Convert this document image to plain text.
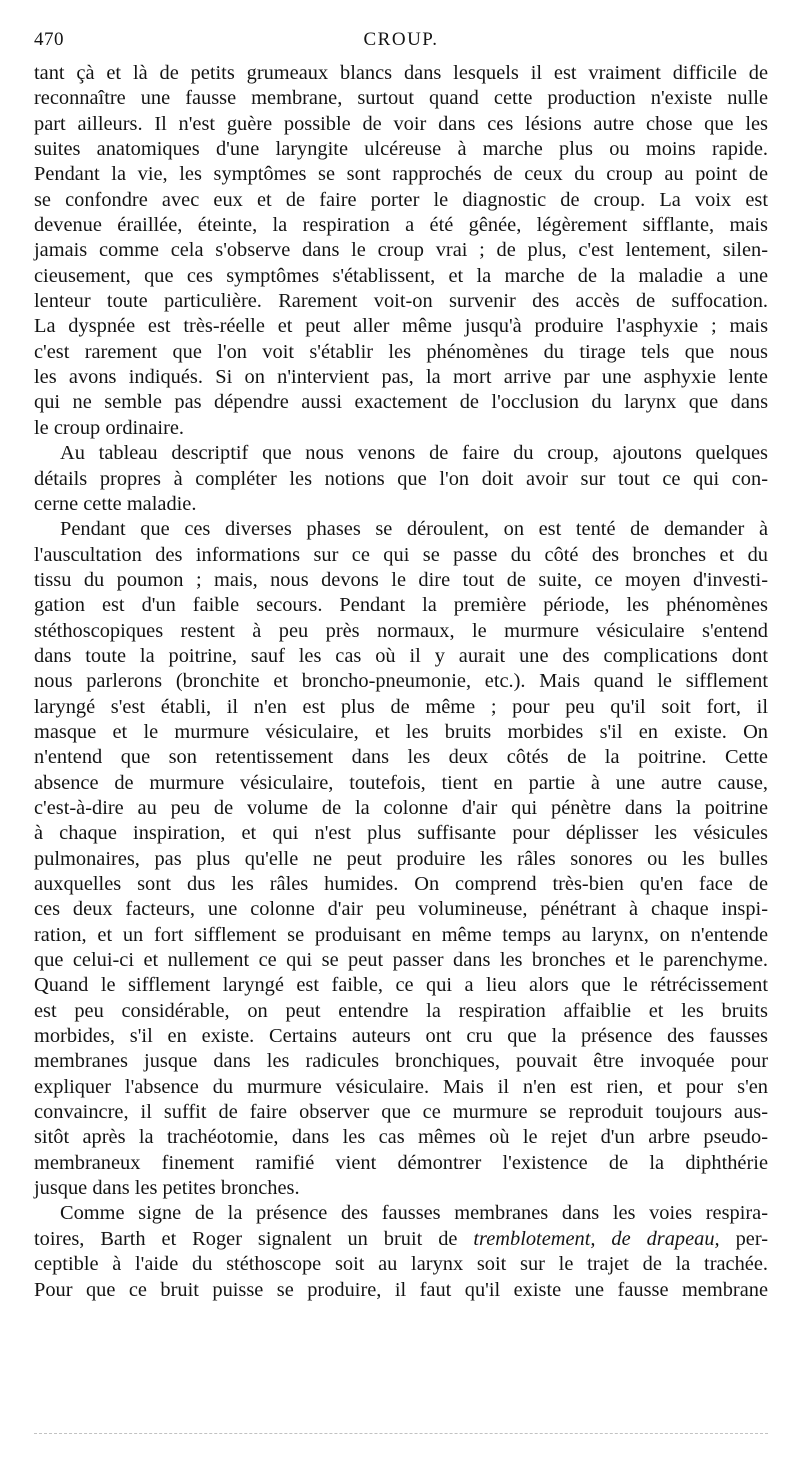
470	CROUP.
tant çà et là de petits grumeaux blancs dans lesquels il est vraiment difficile de
reconnaître une fausse membrane, surtout quand cette production n'existe nulle
part ailleurs. Il n'est guère possible de voir dans ces lésions autre chose que les
suites anatomiques d'une laryngite ulcéreuse à marche plus ou moins rapide.
Pendant la vie, les symptômes se sont rapprochés de ceux du croup au point de
se confondre avec eux et de faire porter le diagnostic de croup. La voix est
devenue éraillée, éteinte, la respiration a été gênée, légèrement sifflante, mais
jamais comme cela s'observe dans le croup vrai ; de plus, c'est lentement, silen-
cieusement, que ces symptômes s'établissent, et la marche de la maladie a une
lenteur toute particulière. Rarement voit-on survenir des accès de suffocation.
La dyspnée est très-réelle et peut aller même jusqu'à produire l'asphyxie ; mais
c'est rarement que l'on voit s'établir les phénomènes du tirage tels que nous
les avons indiqués. Si on n'intervient pas, la mort arrive par une asphyxie lente
qui ne semble pas dépendre aussi exactement de l'occlusion du larynx que dans
le croup ordinaire.
Au tableau descriptif que nous venons de faire du croup, ajoutons quelques
détails propres à compléter les notions que l'on doit avoir sur tout ce qui con-
cerne cette maladie.
Pendant que ces diverses phases se déroulent, on est tenté de demander à
l'auscultation des informations sur ce qui se passe du côté des bronches et du
tissu du poumon ; mais, nous devons le dire tout de suite, ce moyen d'investi-
gation est d'un faible secours. Pendant la première période, les phénomènes
stéthoscopiques restent à peu près normaux, le murmure vésiculaire s'entend
dans toute la poitrine, sauf les cas où il y aurait une des complications dont
nous parlerons (bronchite et broncho-pneumonie, etc.). Mais quand le sifflement
laryngé s'est établi, il n'en est plus de même ; pour peu qu'il soit fort, il
masque et le murmure vésiculaire, et les bruits morbides s'il en existe. On
n'entend que son retentissement dans les deux côtés de la poitrine. Cette
absence de murmure vésiculaire, toutefois, tient en partie à une autre cause,
c'est-à-dire au peu de volume de la colonne d'air qui pénètre dans la poitrine
à chaque inspiration, et qui n'est plus suffisante pour déplisser les vésicules
pulmonaires, pas plus qu'elle ne peut produire les râles sonores ou les bulles
auxquelles sont dus les râles humides. On comprend très-bien qu'en face de
ces deux facteurs, une colonne d'air peu volumineuse, pénétrant à chaque inspi-
ration, et un fort sifflement se produisant en même temps au larynx, on n'entende
que celui-ci et nullement ce qui se peut passer dans les bronches et le parenchyme.
Quand le sifflement laryngé est faible, ce qui a lieu alors que le rétrécissement
est peu considérable, on peut entendre la respiration affaiblie et les bruits
morbides, s'il en existe. Certains auteurs ont cru que la présence des fausses
membranes jusque dans les radicules bronchiques, pouvait être invoquée pour
expliquer l'absence du murmure vésiculaire. Mais il n'en est rien, et pour s'en
convaincre, il suffit de faire observer que ce murmure se reproduit toujours aus-
sitôt après la trachéotomie, dans les cas mêmes où le rejet d'un arbre pseudo-
membraneux finement ramifié vient démontrer l'existence de la diphthérie
jusque dans les petites bronches.
Comme signe de la présence des fausses membranes dans les voies respira-
toires, Barth et Roger signalent un bruit de tremblotement, de drapeau, per-
ceptible à l'aide du stéthoscope soit au larynx soit sur le trajet de la trachée.
Pour que ce bruit puisse se produire, il faut qu'il existe une fausse membrane
